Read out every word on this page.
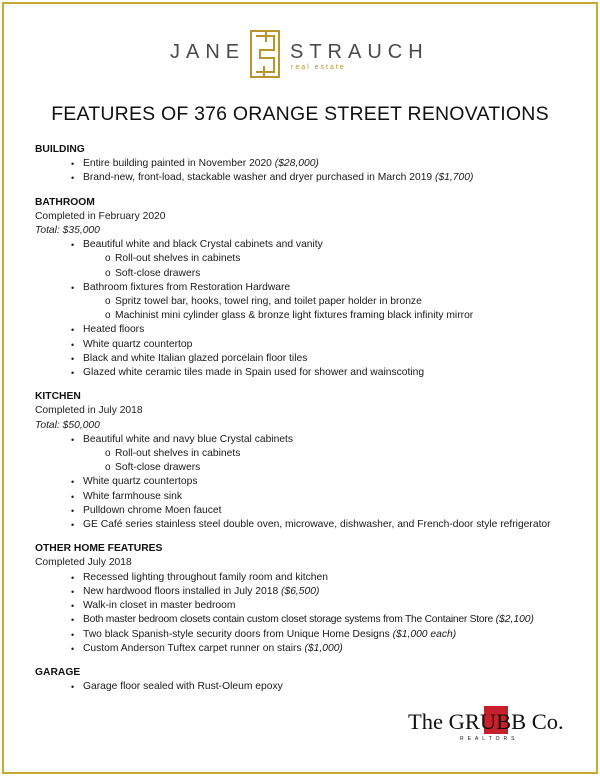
JANE STRAUCH
real estate
FEATURES OF 376 ORANGE STREET RENOVATIONS
BUILDING
• Entire building painted in November 2020 ($28,000)
• Brand-new, front-load, stackable washer and dryer purchased in March 2019 ($1,700)
BATHROOM
Completed in February 2020
Total: $35,000
• Beautiful white and black Crystal cabinets and vanity
o Roll-out shelves in cabinets
o Soft-close drawers
• Bathroom fixtures from Restoration Hardware
o Spritz towel bar, hooks, towel ring, and toilet paper holder in bronze
o Machinist mini cylinder glass & bronze light fixtures framing black infinity mirror
• Heated floors
• White quartz countertop
• Black and white Italian glazed porcelain floor tiles
• Glazed white ceramic tiles made in Spain used for shower and wainscoting
KITCHEN
Completed in July 2018
Total: $50,000
• Beautiful white and navy blue Crystal cabinets
o Roll-out shelves in cabinets
o Soft-close drawers
• White quartz countertops
• White farmhouse sink
• Pulldown chrome Moen faucet
• GE Café series stainless steel double oven, microwave, dishwasher, and French-door style refrigerator
OTHER HOME FEATURES
Completed July 2018
• Recessed lighting throughout family room and kitchen
• New hardwood floors installed in July 2018 ($6,500)
• Walk-in closet in master bedroom
• Both master bedroom closets contain custom closet storage systems from The Container Store ($2,100)
• Two black Spanish-style security doors from Unique Home Designs ($1,000 each)
• Custom Anderson Tuftex carpet runner on stairs ($1,000)
GARAGE
• Garage floor sealed with Rust-Oleum epoxy
The GRUBB Co.
REALTORS
